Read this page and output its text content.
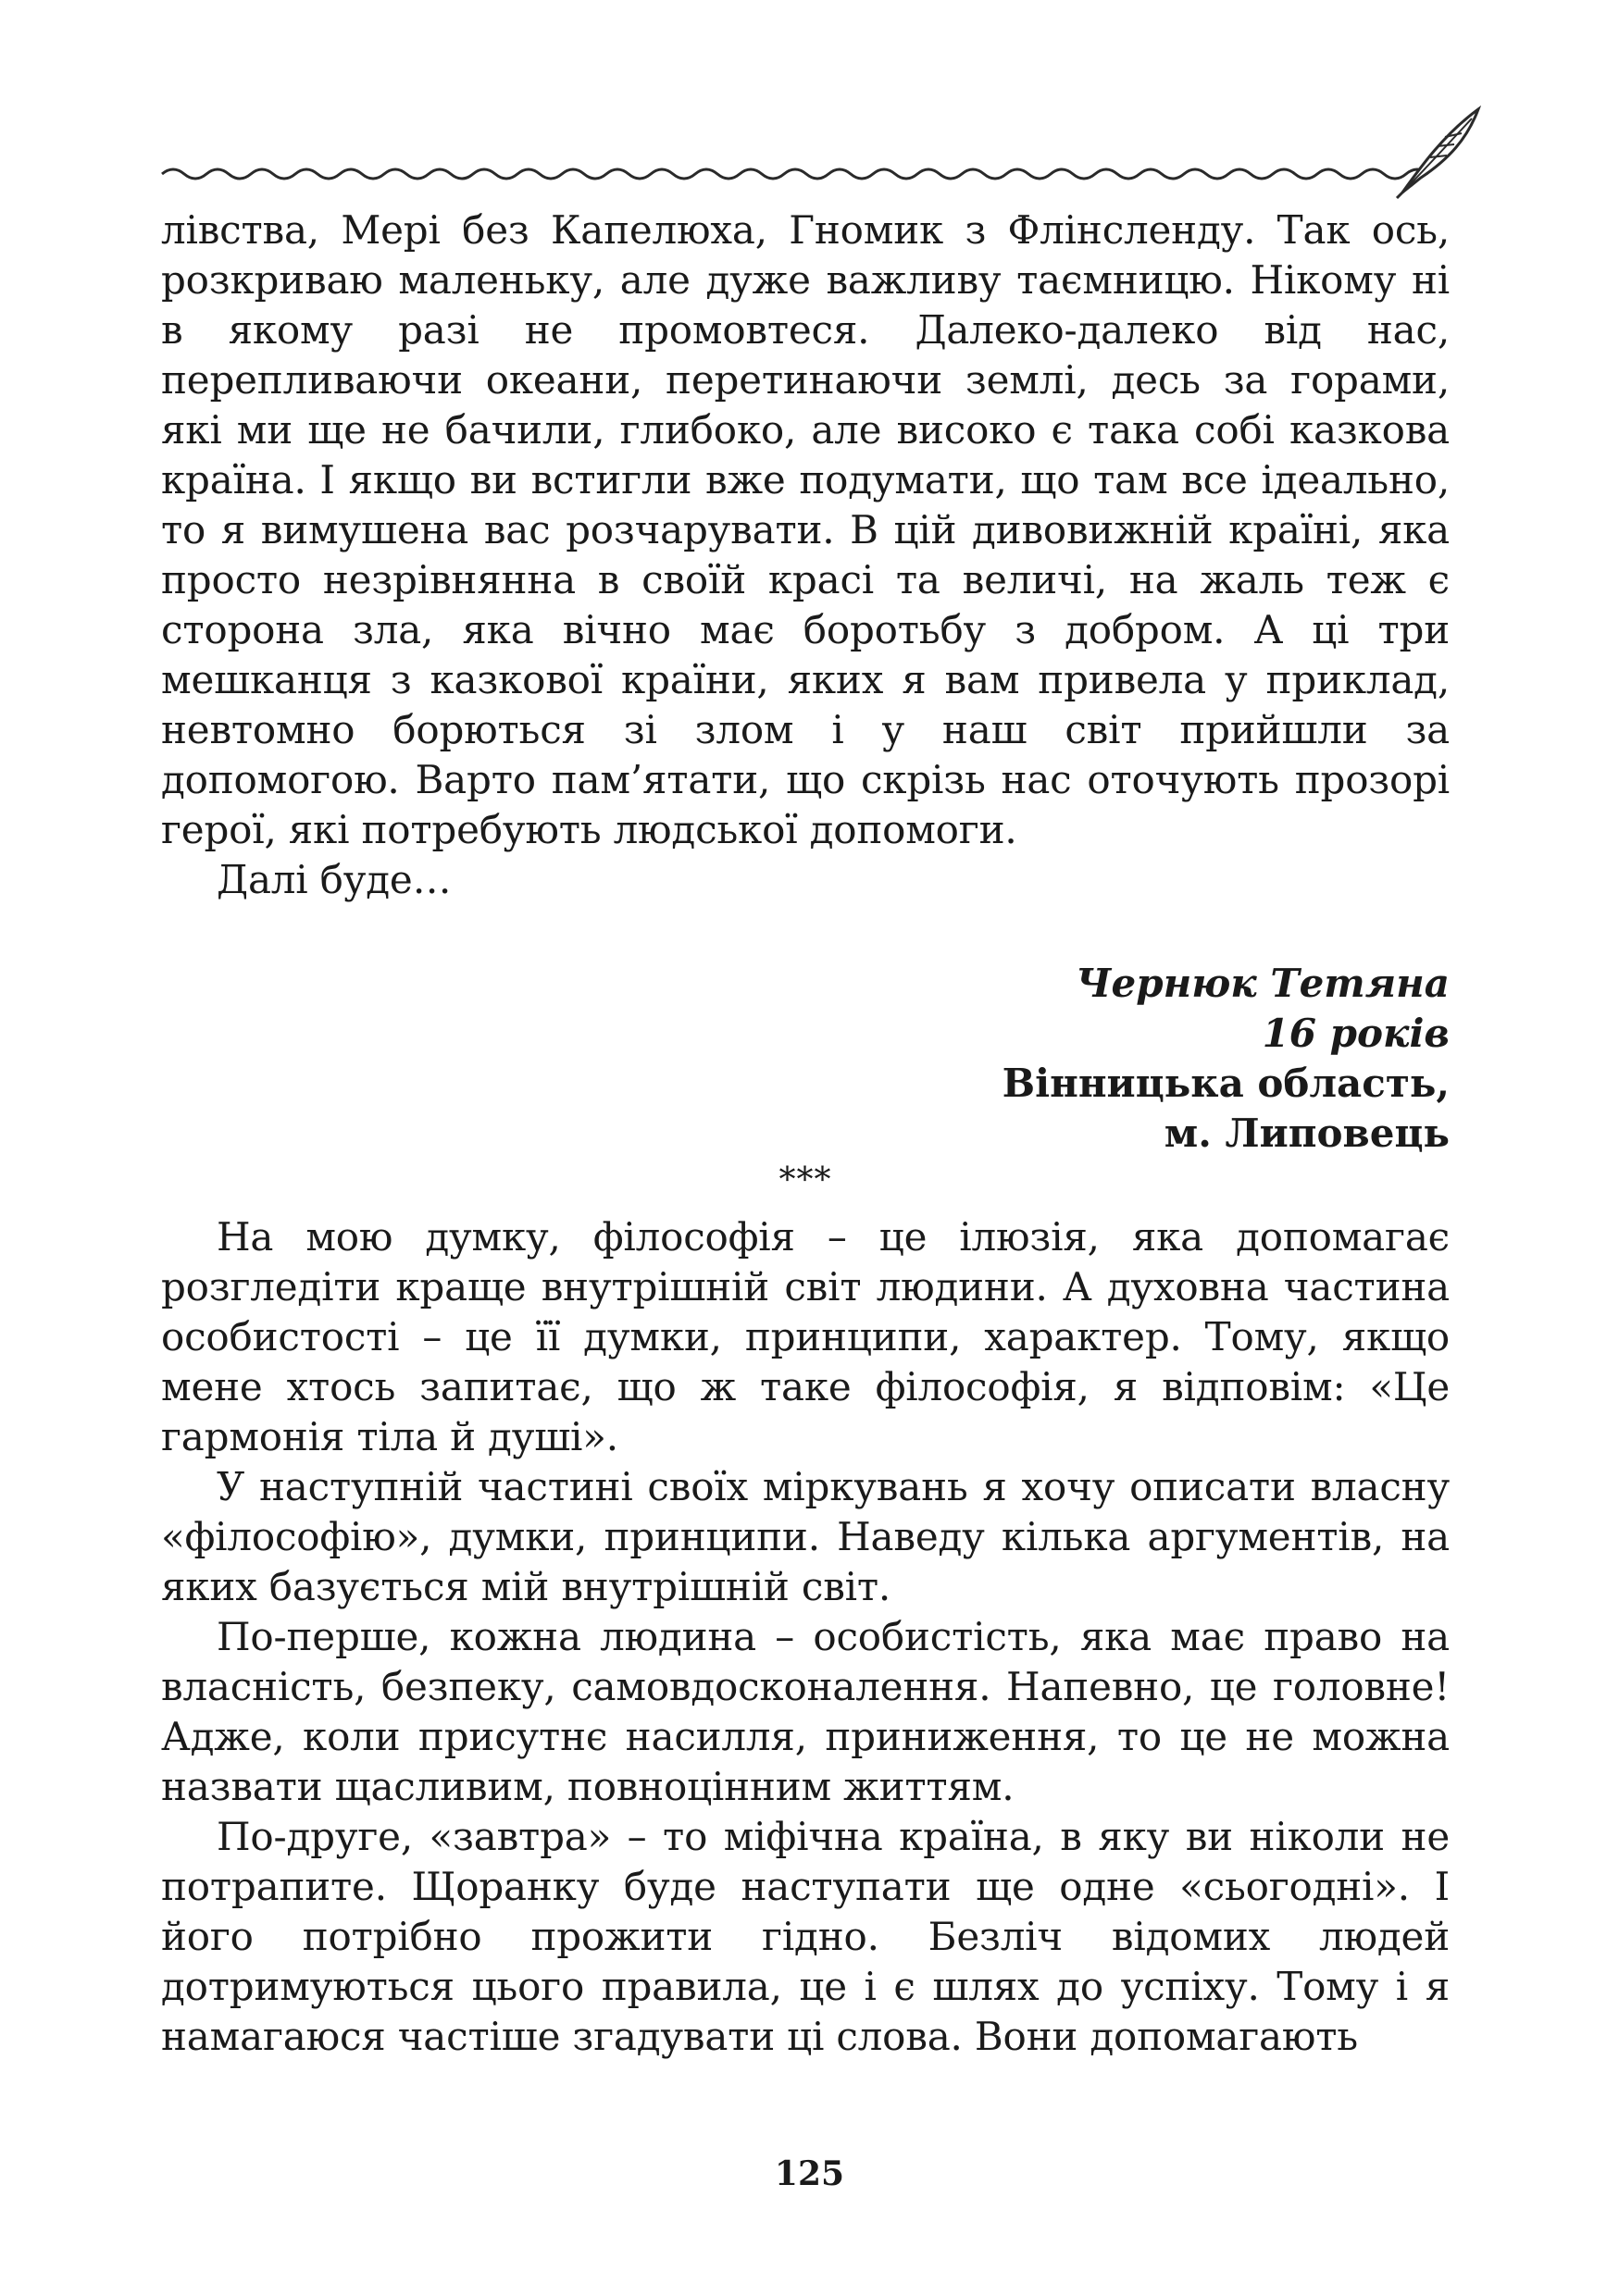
лівства, Мері без Капелюха, Гномик з Флінсленду. Так ось, розкриваю маленьку, але дуже важливу таємницю. Нікому ні в якому разі не промовтеся. Далеко-далеко від нас, перепливаючи океани, перетинаючи землі, десь за горами, які ми ще не бачили, глибоко, але високо є така собі казкова країна. І якщо ви встигли вже подумати, що там все ідеально, то я вимушена вас розчарувати. В цій дивовижній країні, яка просто незрівнянна в своїй красі та величі, на жаль теж є сторона зла, яка вічно має боротьбу з добром. А ці три мешканця з казкової країни, яких я вам привела у приклад, невтомно борються зі злом і у наш світ прийшли за допомогою. Варто пам’ятати, що скрізь нас оточують прозорі герої, які потребують людської допомоги.

Далі буде…

Чернюк Тетяна
16 років
Вінницька область,
м. Липовець
***

На мою думку, філософія – це ілюзія, яка допомагає розгледіти краще внутрішній світ людини. А духовна частина особистості – це її думки, принципи, характер. Тому, якщо мене хтось запитає, що ж таке філософія, я відповім: «Це гармонія тіла й душі».

У наступній частині своїх міркувань я хочу описати власну «філософію», думки, принципи. Наведу кілька аргументів, на яких базується мій внутрішній світ.

По-перше, кожна людина – особистість, яка має право на власність, безпеку, самовдосконалення. Напевно, це головне! Адже, коли присутнє насилля, приниження, то це не можна назвати щасливим, повноцінним життям.

По-друге, «завтра» – то міфічна країна, в яку ви ніколи не потрапите. Щоранку буде наступати ще одне «сьогодні». І його потрібно прожити гідно. Безліч відомих людей дотримуються цього правила, це і є шлях до успіху. Тому і я намагаюся частіше згадувати ці слова. Вони допомагають

125
